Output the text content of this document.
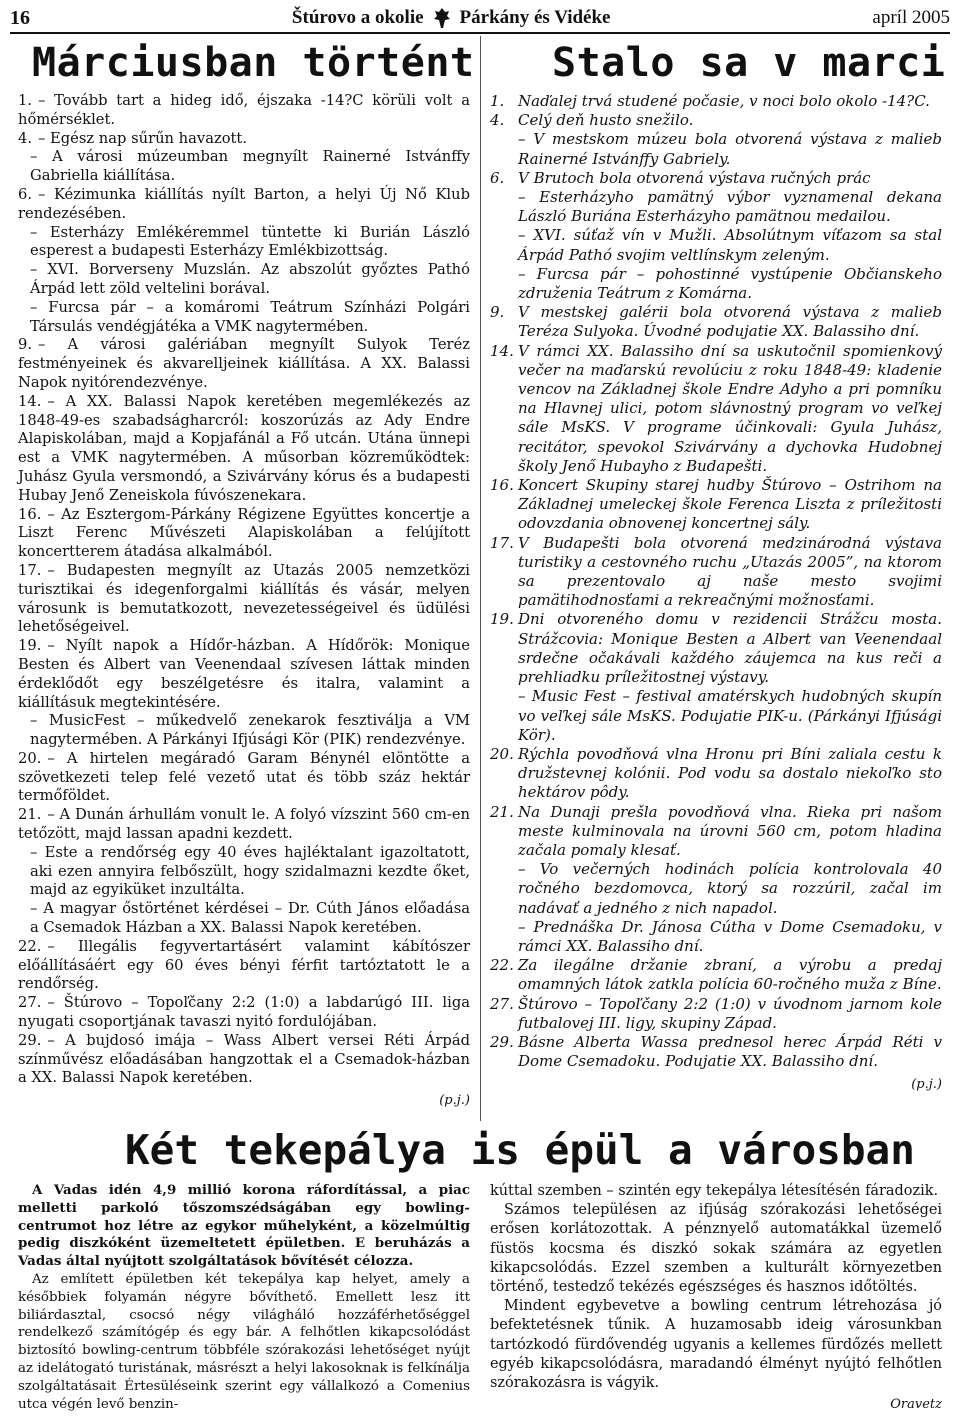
16	Štúrovo a okolie Párkány és Vidéke	apríl 2005
Márciusban történt
1. – Tovább tart a hideg idő, éjszaka -14?C körüli volt a hőmérséklet.
4. – Egész nap sűrűn havazott.
– A városi múzeumban megnyílt Rainerné Istvánffy Gabriella kiállítása.
6. – Kézimunka kiállítás nyílt Barton, a helyi Új Nő Klub rendezésében.
– Esterházy Emlékéremmel tüntette ki Burián László esperest a budapesti Esterházy Emlékbizottság.
– XVI. Borverseny Muzslán. Az abszolút győztes Pathó Árpád lett zöld veltelini borával.
– Furcsa pár – a komáromi Teátrum Színházi Polgári Társulás vendégjátéka a VMK nagytermében.
9. – A városi galériában megnyílt Sulyok Teréz festményeinek és akvarelljeinek kiállítása. A XX. Balassi Napok nyitórendezvénye.
14. – A XX. Balassi Napok keretében megemlékezés az 1848-49-es szabadságharcról: koszorúzás az Ady Endre Alapiskolában, majd a Kopjafánál a Fő utcán. Utána ünnepi est a VMK nagytermében. A műsorban közreműködtek: Juhász Gyula versmondó, a Szivárvány kórus és a budapesti Hubay Jenő Zeneiskola fúvószenekara.
16. – Az Esztergom-Párkány Régizene Együttes koncertje a Liszt Ferenc Művészeti Alapiskolában a felújított koncertterem átadása alkalmából.
17. – Budapesten megnyílt az Utazás 2005 nemzetközi turisztikai és idegenforgalmi kiállítás és vásár, melyen városunk is bemutatkozott, nevezetességeivel és üdülési lehetőségeivel.
19. – Nyílt napok a Hídőr-házban. A Hídőrök: Monique Besten és Albert van Veenendaal szívesen láttak minden érdeklődőt egy beszélgetésre és italra, valamint a kiállításuk megtekintésére.
– MusicFest – műkedvelő zenekarok fesztiválja a VM nagytermében. A Párkányi Ifjúsági Kör (PIK) rendezvénye.
20. – A hirtelen megáradó Garam Bénynél elöntötte a szövetkezeti telep felé vezető utat és több száz hektár termőföldet.
21. – A Dunán árhullám vonult le. A folyó vízszint 560 cm-en tetőzött, majd lassan apadni kezdett.
– Este a rendőrség egy 40 éves hajléktalant igazoltatott, aki ezen annyira felbőszült, hogy szidalmazni kezdte őket, majd az egyiküket inzultálta.
– A magyar őstörténet kérdései – Dr. Cúth János előadása a Csemadok Házban a XX. Balassi Napok keretében.
22. – Illegális fegyvertartásért valamint kábítószer előállításáért egy 60 éves bényi férfit tartóztatott le a rendőrség.
27. – Štúrovo – Topoľčany 2:2 (1:0) a labdarúgó III. liga nyugati csoportjának tavaszi nyitó fordulójában.
29. – A bujdosó imája – Wass Albert versei Réti Árpád színművész előadásában hangzottak el a Csemadok-házban a XX. Balassi Napok keretében.
(p.j.)
Stalo sa v marci
1. Naďalej trvá studené počasie, v noci bolo okolo -14?C.
4. Celý deň husto snežilo.
– V mestskom múzeu bola otvorená výstava z malieb Rainerné Istvánffy Gabriely.
6. V Brutoch bola otvorená výstava ručných prác
– Esterházyho pamätný výbor vyznamenal dekana László Buriána Esterházyho pamätnou medailou.
– XVI. súťaž vín v Mužli. Absolútnym víťazom sa stal Árpád Pathó svojim veltlínskym zeleným.
– Furcsa pár – pohostinné vystúpenie Občianskeho združenia Teátrum z Komárna.
9. V mestskej galérii bola otvorená výstava z malieb Teréza Sulyoka. Úvodné podujatie XX. Balassiho dní.
14. V rámci XX. Balassiho dní sa uskutočnil spomienkový večer na maďarskú revolúciu z roku 1848-49: kladenie vencov na Základnej škole Endre Adyho a pri pomníku na Hlavnej ulici, potom slávnostný program vo veľkej sále MsKS. V programe účinkovali: Gyula Juhász, recitátor, spevokol Szivárvány a dychovka Hudobnej školy Jenő Hubayho z Budapešti.
16. Koncert Skupiny starej hudby Štúrovo – Ostrihom na Základnej umeleckej škole Ferenca Liszta z príležitosti odovzdania obnovenej koncertnej sály.
17. V Budapešti bola otvorená medzinárodná výstava turistiky a cestovného ruchu „Utazás 2005”, na ktorom sa prezentovalo aj naše mesto svojimi pamätihodnosťami a rekreačnými možnosťami.
19. Dni otvoreného domu v rezidencii Strážcu mosta. Strážcovia: Monique Besten a Albert van Veenendaal srdečne očakávali každého záujemca na kus reči a prehliadku príležitostnej výstavy.
– Music Fest – festival amatérskych hudobných skupín vo veľkej sále MsKS. Podujatie PIK-u. (Párkányi Ifjúsági Kör).
20. Rýchla povodňová vlna Hronu pri Bíni zaliala cestu k družstevnej kolónii. Pod vodu sa dostalo niekoľko sto hektárov pôdy.
21. Na Dunaji prešla povodňová vlna. Rieka pri našom meste kulminovala na úrovni 560 cm, potom hladina začala pomaly klesať.
– Vo večerných hodinách polícia kontrolovala 40 ročného bezdomovca, ktorý sa rozzúril, začal im nadávať a jedného z nich napadol.
– Prednáška Dr. Jánosa Cútha v Dome Csemadoku, v rámci XX. Balassiho dní.
22. Za ilegálne držanie zbraní, a výrobu a predaj omamných látok zatkla polícia 60-ročného muža z Bíne.
27. Štúrovo – Topoľčany 2:2 (1:0) v úvodnom jarnom kole futbalovej III. ligy, skupiny Západ.
29. Básne Alberta Wassa prednesol herec Árpád Réti v Dome Csemadoku. Podujatie XX. Balassiho dní.
(p.j.)
Két tekepálya is épül a városban

A Vadas idén 4,9 millió korona ráfordítással, a piac melletti parkoló tőszomszédságában egy bowling-centrumot hoz létre az egykor műhelyként, a közelmúltig pedig diszkóként üzemeltetett épületben. E beruházás a Vadas által nyújtott szolgáltatások bővítését célozza.

Az említett épületben két tekepálya kap helyet, amely a későbbiek folyamán négyre bővíthető. Emellett lesz itt biliárdasztal, csocsó négy világháló hozzáférhetőséggel rendelkező számítógép és egy bár. A felhőtlen kikapcsolódást biztosító bowling-centrum többféle szórakozási lehetőséget nyújt az idelátogató turistának, másrészt a helyi lakosoknak is felkínálja szolgáltatásait Értesüléseink szerint egy vállalkozó a Comenius utca végén levő benzin-

kúttal szemben – szintén egy tekepálya létesítésén fáradozik.

Számos településen az ifjúság szórakozási lehetőségei erősen korlátozottak. A pénznyelő automatákkal üzemelő füstös kocsma és diszkó sokak számára az egyetlen kikapcsolódás. Ezzel szemben a kulturált környezetben történő, testedző tekézés egészséges és hasznos időtöltés.

Mindent egybevetve a bowling centrum létrehozása jó befektetésnek tűnik. A huzamosabb ideig városunkban tartózkodó fürdővendég ugyanis a kellemes fürdőzés mellett egyéb kikapcsolódásra, maradandó élményt nyújtó felhőtlen szórakozásra is vágyik.

Oravetz
